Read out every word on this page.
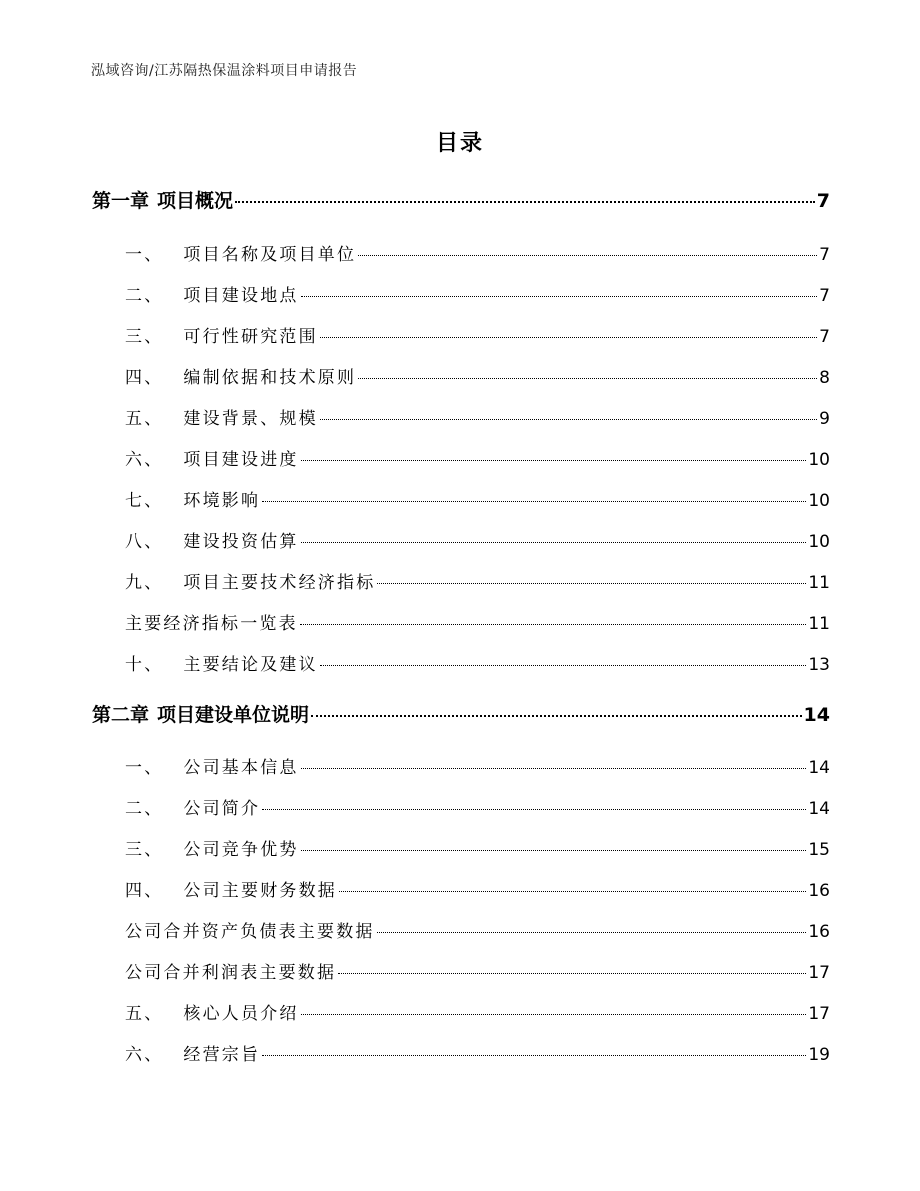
泓域咨询/江苏隔热保温涂料项目申请报告
目录
第一章 项目概况	7
一、 项目名称及项目单位	7
二、 项目建设地点	7
三、 可行性研究范围	7
四、 编制依据和技术原则	8
五、 建设背景、规模	9
六、 项目建设进度	10
七、 环境影响	10
八、 建设投资估算	10
九、 项目主要技术经济指标	11
主要经济指标一览表	11
十、 主要结论及建议	13
第二章 项目建设单位说明	14
一、 公司基本信息	14
二、 公司简介	14
三、 公司竞争优势	15
四、 公司主要财务数据	16
公司合并资产负债表主要数据	16
公司合并利润表主要数据	17
五、 核心人员介绍	17
六、 经营宗旨	19
